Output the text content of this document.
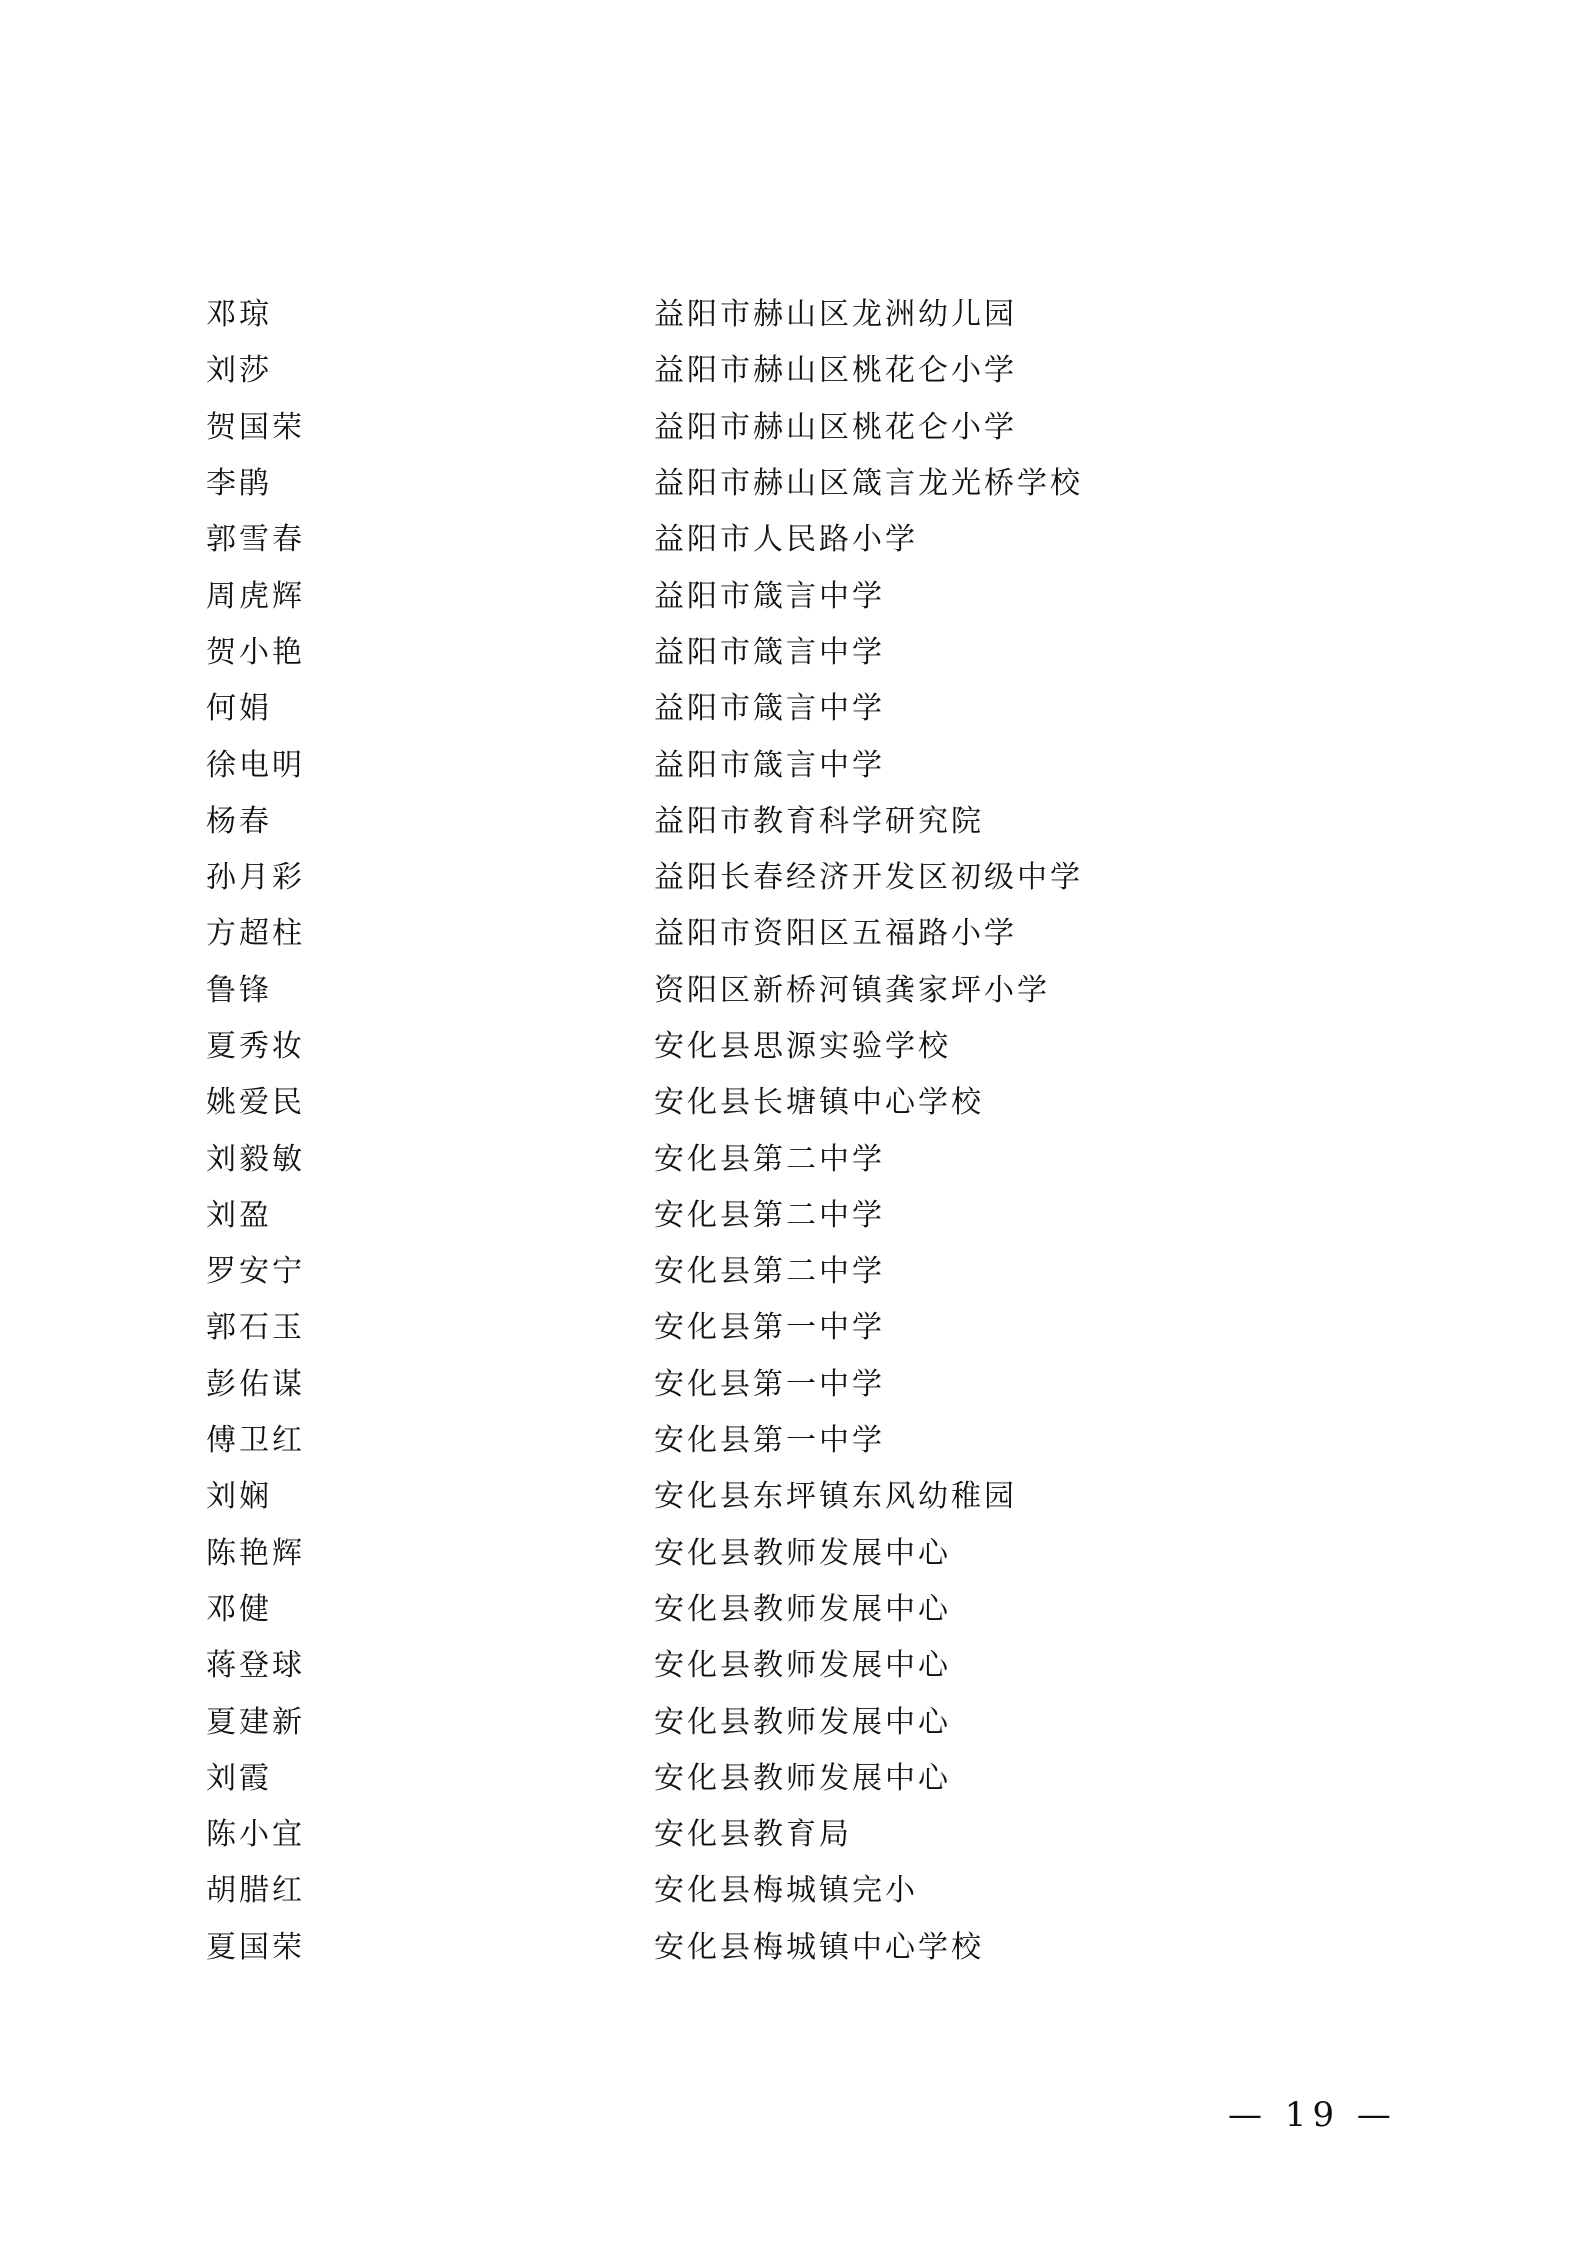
邓琼	益阳市赫山区龙洲幼儿园
刘莎	益阳市赫山区桃花仑小学
贺国荣	益阳市赫山区桃花仑小学
李鹃	益阳市赫山区箴言龙光桥学校
郭雪春	益阳市人民路小学
周虎辉	益阳市箴言中学
贺小艳	益阳市箴言中学
何娟	益阳市箴言中学
徐电明	益阳市箴言中学
杨春	益阳市教育科学研究院
孙月彩	益阳长春经济开发区初级中学
方超柱	益阳市资阳区五福路小学
鲁锋	资阳区新桥河镇龚家坪小学
夏秀妆	安化县思源实验学校
姚爱民	安化县长塘镇中心学校
刘毅敏	安化县第二中学
刘盈	安化县第二中学
罗安宁	安化县第二中学
郭石玉	安化县第一中学
彭佑谋	安化县第一中学
傅卫红	安化县第一中学
刘娴	安化县东坪镇东风幼稚园
陈艳辉	安化县教师发展中心
邓健	安化县教师发展中心
蒋登球	安化县教师发展中心
夏建新	安化县教师发展中心
刘霞	安化县教师发展中心
陈小宜	安化县教育局
胡腊红	安化县梅城镇完小
夏国荣	安化县梅城镇中心学校
— 19 —
